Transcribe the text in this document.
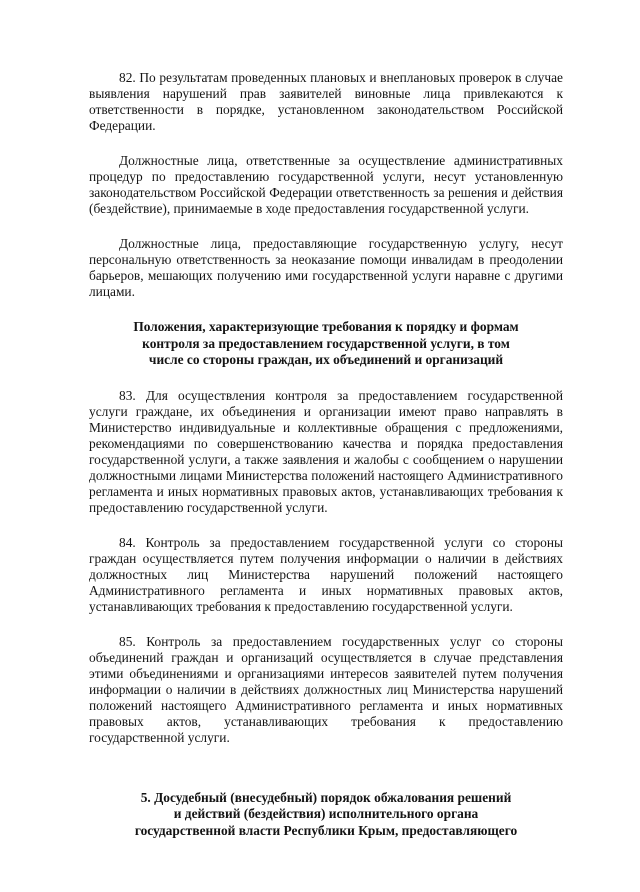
82. По результатам проведенных плановых и внеплановых проверок в случае выявления нарушений прав заявителей виновные лица привлекаются к ответственности в порядке, установленном законодательством Российской Федерации.

Должностные лица, ответственные за осуществление административных процедур по предоставлению государственной услуги, несут установленную законодательством Российской Федерации ответственность за решения и действия (бездействие), принимаемые в ходе предоставления государственной услуги.

Должностные лица, предоставляющие государственную услугу, несут персональную ответственность за неоказание помощи инвалидам в преодолении барьеров, мешающих получению ими государственной услуги наравне с другими лицами.

Положения, характеризующие требования к порядку и формам
контроля за предоставлением государственной услуги, в том
числе со стороны граждан, их объединений и организаций

83. Для осуществления контроля за предоставлением государственной услуги граждане, их объединения и организации имеют право направлять в Министерство индивидуальные и коллективные обращения с предложениями, рекомендациями по совершенствованию качества и порядка предоставления государственной услуги, а также заявления и жалобы с сообщением о нарушении должностными лицами Министерства положений настоящего Административного регламента и иных нормативных правовых актов, устанавливающих требования к предоставлению государственной услуги.

84. Контроль за предоставлением государственной услуги со стороны граждан осуществляется путем получения информации о наличии в действиях должностных лиц Министерства нарушений положений настоящего Административного регламента и иных нормативных правовых актов, устанавливающих требования к предоставлению государственной услуги.

85. Контроль за предоставлением государственных услуг со стороны объединений граждан и организаций осуществляется в случае представления этими объединениями и организациями интересов заявителей путем получения информации о наличии в действиях должностных лиц Министерства нарушений положений настоящего Административного регламента и иных нормативных правовых актов, устанавливающих требования к предоставлению государственной услуги.

5. Досудебный (внесудебный) порядок обжалования решений
и действий (бездействия) исполнительного органа
государственной власти Республики Крым, предоставляющего
